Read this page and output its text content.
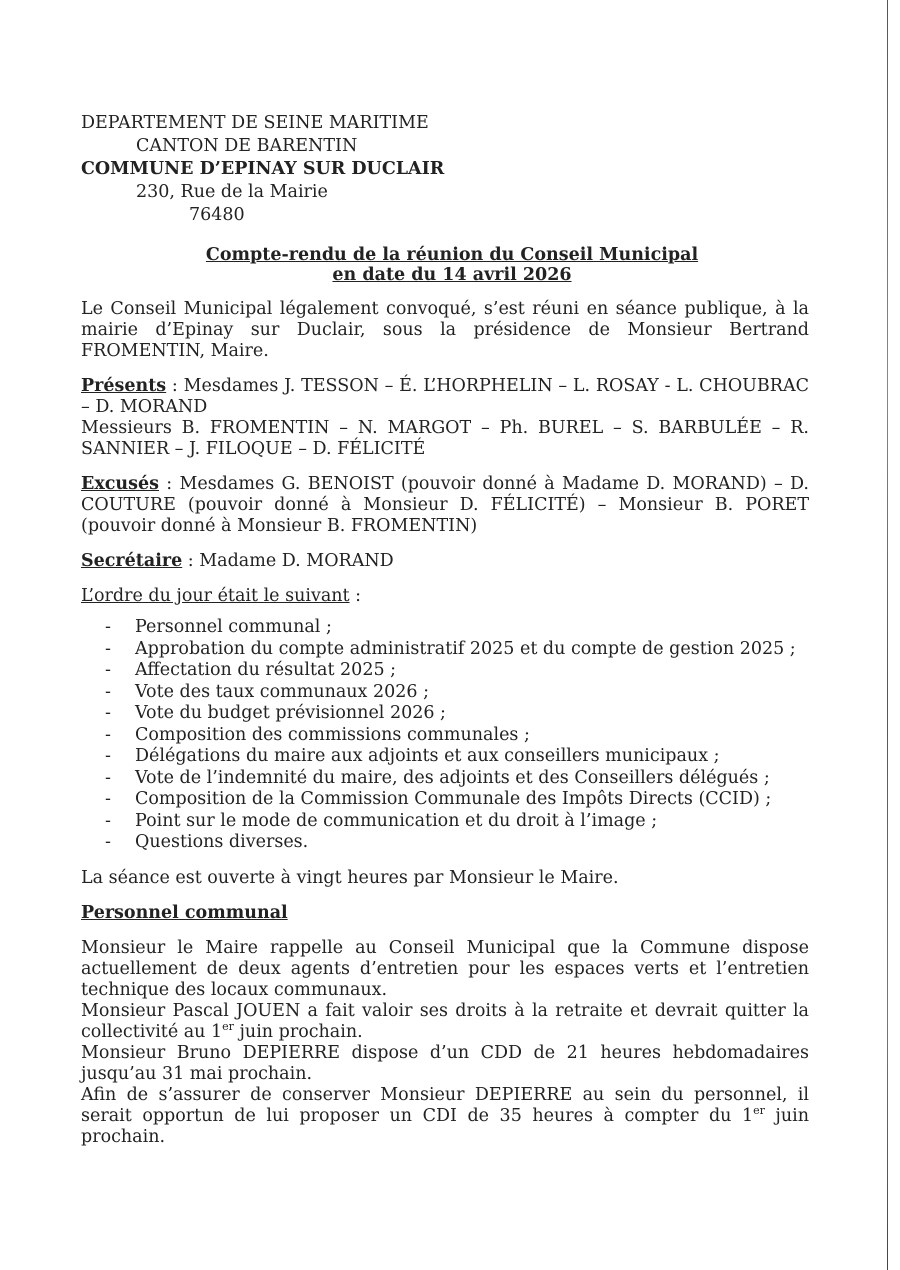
DEPARTEMENT DE SEINE MARITIME
CANTON DE BARENTIN
COMMUNE D’EPINAY SUR DUCLAIR
230, Rue de la Mairie
76480
Compte-rendu de la réunion du Conseil Municipal
en date du 14 avril 2026

Le Conseil Municipal légalement convoqué, s’est réuni en séance publique, à la mairie d’Epinay sur Duclair, sous la présidence de Monsieur Bertrand FROMENTIN, Maire.

Présents : Mesdames J. TESSON – É. L’HORPHELIN – L. ROSAY - L. CHOUBRAC – D. MORAND

Messieurs B. FROMENTIN – N. MARGOT – Ph. BUREL – S. BARBULÉE – R. SANNIER – J. FILOQUE – D. FÉLICITÉ

Excusés : Mesdames G. BENOIST (pouvoir donné à Madame D. MORAND) – D. COUTURE (pouvoir donné à Monsieur D. FÉLICITÉ) – Monsieur B. PORET (pouvoir donné à Monsieur B. FROMENTIN)

Secrétaire : Madame D. MORAND

L’ordre du jour était le suivant :

- Personnel communal ;
- Approbation du compte administratif 2025 et du compte de gestion 2025 ;
- Affectation du résultat 2025 ;
- Vote des taux communaux 2026 ;
- Vote du budget prévisionnel 2026 ;
- Composition des commissions communales ;
- Délégations du maire aux adjoints et aux conseillers municipaux ;
- Vote de l’indemnité du maire, des adjoints et des Conseillers délégués ;
- Composition de la Commission Communale des Impôts Directs (CCID) ;
- Point sur le mode de communication et du droit à l’image ;
- Questions diverses.

La séance est ouverte à vingt heures par Monsieur le Maire.

Personnel communal

Monsieur le Maire rappelle au Conseil Municipal que la Commune dispose actuellement de deux agents d’entretien pour les espaces verts et l’entretien technique des locaux communaux.

Monsieur Pascal JOUEN a fait valoir ses droits à la retraite et devrait quitter la collectivité au 1er juin prochain.

Monsieur Bruno DEPIERRE dispose d’un CDD de 21 heures hebdomadaires jusqu’au 31 mai prochain.

Afin de s’assurer de conserver Monsieur DEPIERRE au sein du personnel, il serait opportun de lui proposer un CDI de 35 heures à compter du 1er juin prochain.
